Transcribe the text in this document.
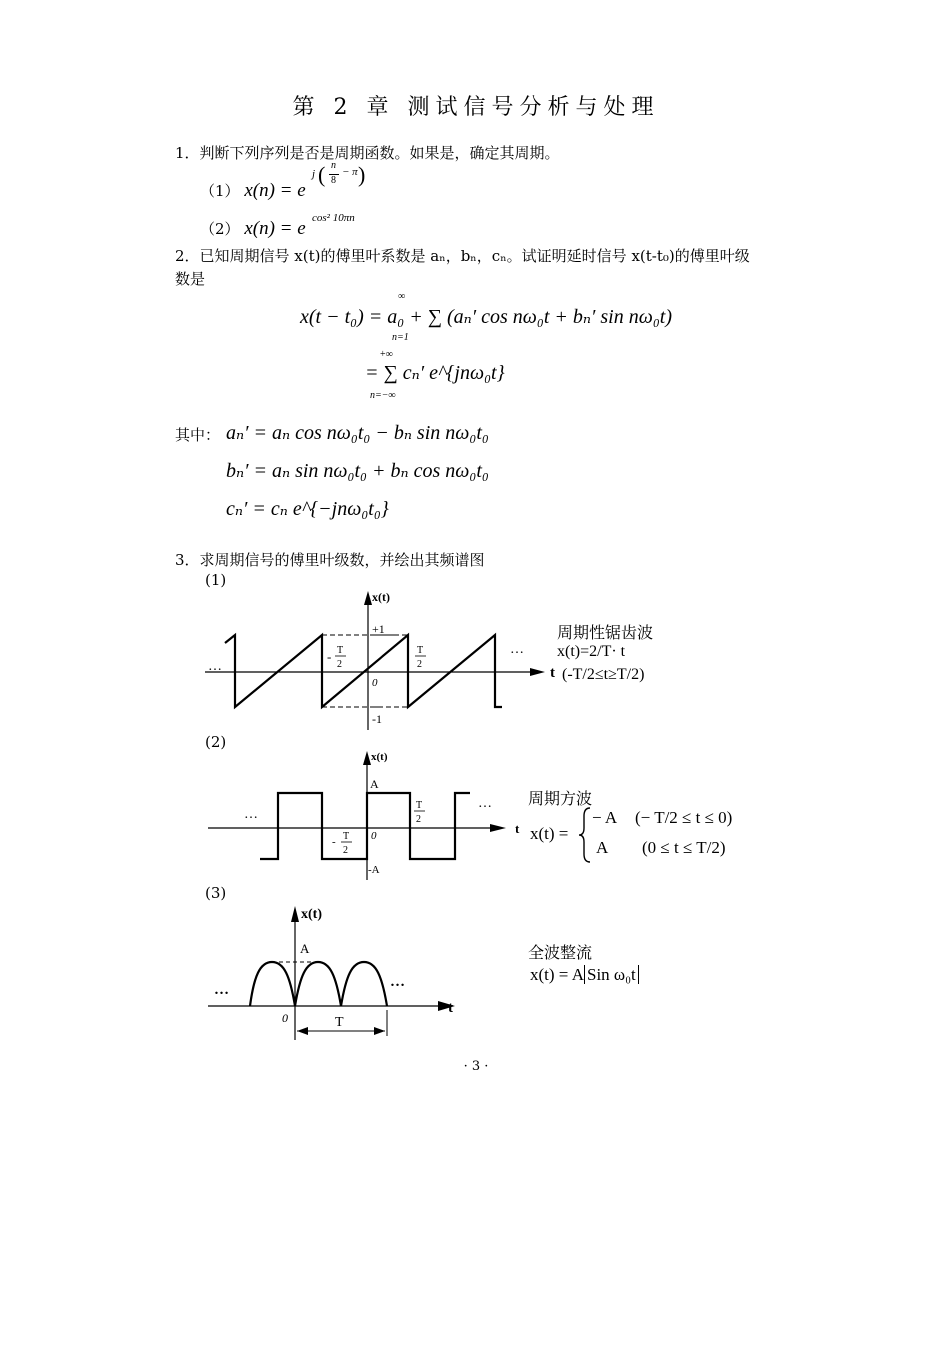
第 2 章 测试信号分析与处理
1．判断下列序列是否是周期函数。如果是，确定其周期。
（1） x(n) = e
j ( n
8
− π )
（2） x(n) = e cos² 10πn
2．已知周期信号 x(t)的傅里叶系数是 aₙ，bₙ，cₙ。试证明延时信号 x(t-t₀)的傅里叶级
数是
x(t − t₀) = a₀ + ∑ (aₙ′ cos nω₀t + bₙ′ sin nω₀t)
∞
n=1
= ∑ cₙ′ e^{jnω₀t}
+∞
n=−∞
其中： aₙ′ = aₙ cos nω₀t₀ − bₙ sin nω₀t₀
bₙ′ = aₙ sin nω₀t₀ + bₙ cos nω₀t₀
cₙ′ = cₙ e^{−jnω₀t₀}
3．求周期信号的傅里叶级数，并绘出其频谱图
(1)
x(t)
+1
-1
- T
2
T
2
0
…
…
t
周期性锯齿波
x(t)=2/T· t
(-T/2≤t≥T/2)
(2)
x(t)
A
-A
- T
2
T
2
0
…
…
t
周期方波
x(t) =
− A (− T/2 ≤ t ≤ 0)
A (0 ≤ t ≤ T/2)
(3)
x(t)
A
0	T
…	…
t
全波整流
x(t) = A Sin ω₀t
· 3 ·
